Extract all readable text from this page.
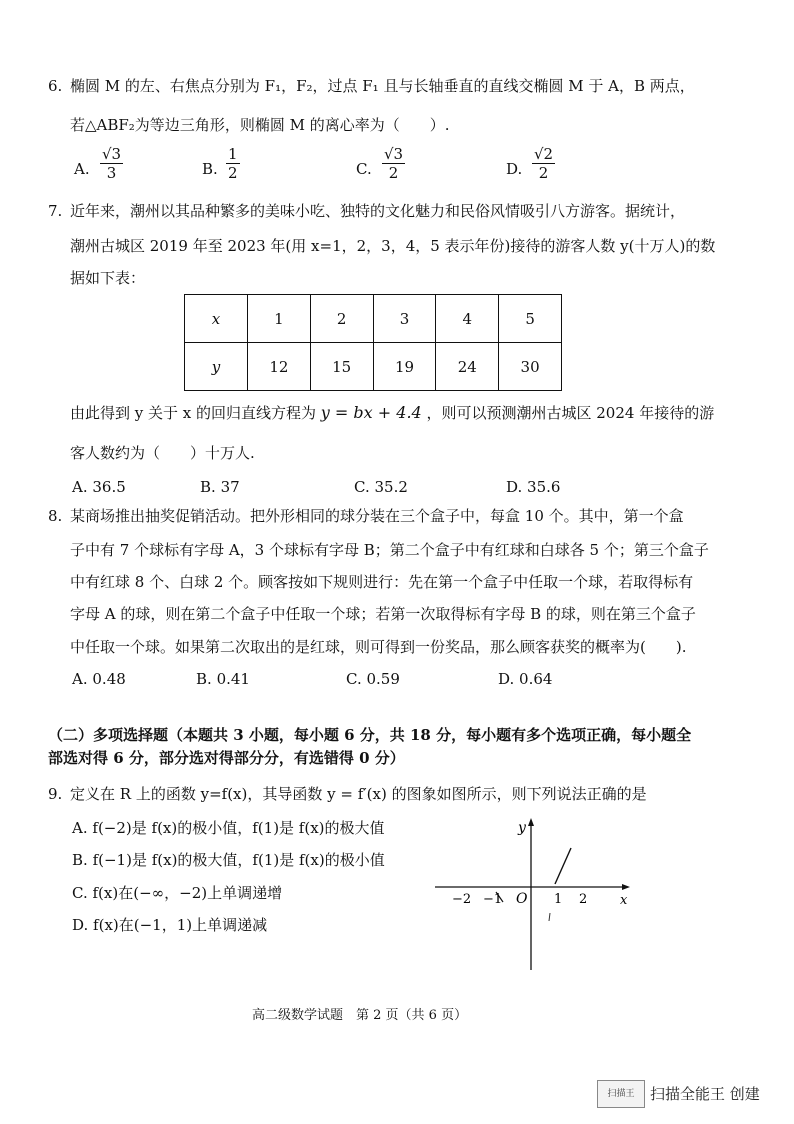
6. 椭圆 M 的左、右焦点分别为 F₁，F₂，过点 F₁ 且与长轴垂直的直线交椭圆 M 于 A，B 两点，
若△ABF₂为等边三角形，则椭圆 M 的离心率为（　　）.
A. $\frac{√3}{3}$	B. $\frac{1}{2}$	C. $\frac{√3}{2}$	D. $\frac{√2}{2}$
7. 近年来，潮州以其品种繁多的美味小吃、独特的文化魅力和民俗风情吸引八方游客。据统计，
潮州古城区 2019 年至 2023 年(用 x=1，2，3，4，5 表示年份)接待的游客人数 y(十万人)的数
据如下表：
x	1	2	3	4	5
y	12	15	19	24	30
由此得到 y 关于 x 的回归直线方程为 y = bx + 4.4 ，则可以预测潮州古城区 2024 年接待的游
客人数约为（　　）十万人.
A. 36.5	B. 37	C. 35.2	D. 35.6
8. 某商场推出抽奖促销活动。把外形相同的球分装在三个盒子中，每盒 10 个。其中，第一个盒
子中有 7 个球标有字母 A，3 个球标有字母 B；第二个盒子中有红球和白球各 5 个；第三个盒子
中有红球 8 个、白球 2 个。顾客按如下规则进行：先在第一个盒子中任取一个球，若取得标有
字母 A 的球，则在第二个盒子中任取一个球；若第一次取得标有字母 B 的球，则在第三个盒子
中任取一个球。如果第二次取出的是红球，则可得到一份奖品，那么顾客获奖的概率为(　　).
A. 0.48	B. 0.41	C. 0.59	D. 0.64
（二）多项选择题（本题共 3 小题，每小题 6 分，共 18 分，每小题有多个选项正确，每小题全
部选对得 6 分，部分选对得部分分，有选错得 0 分）
9. 定义在 R 上的函数 y=f(x)，其导函数 y = f′(x) 的图象如图所示，则下列说法正确的是
A. f(−2)是 f(x)的极小值，f(1)是 f(x)的极大值
B. f(−1)是 f(x)的极大值，f(1)是 f(x)的极小值
C. f(x)在(−∞，−2)上单调递增
D. f(x)在(−1，1)上单调递减
y
x
O
−2 −1	1 2
高二级数学试题　第 2 页（共 6 页）
扫描王	扫描全能王 创建
